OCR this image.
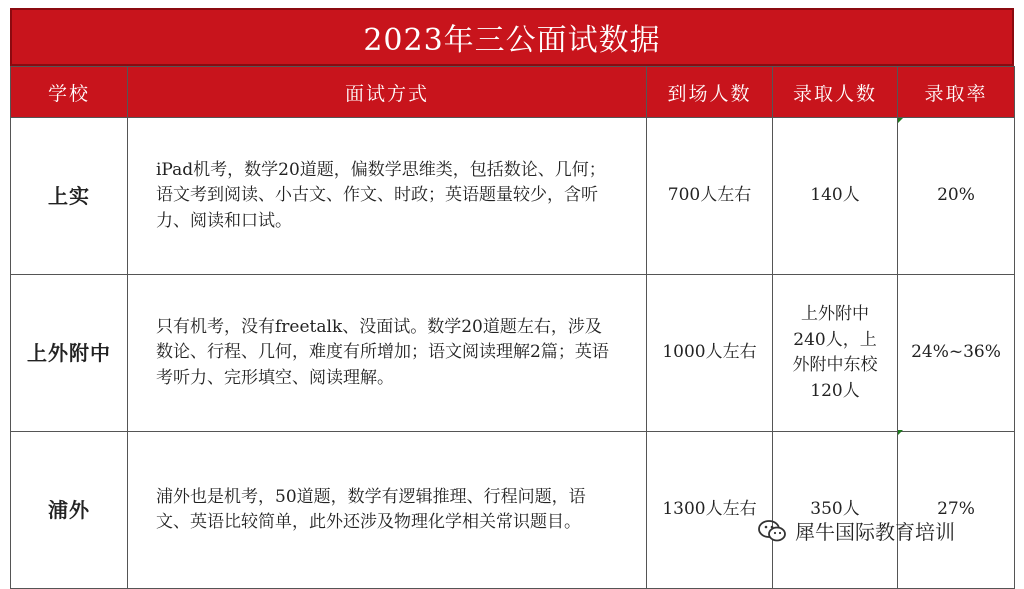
2023年三公面试数据
学校	面试方式	到场人数	录取人数	录取率
上实	iPad机考，数学20道题，偏数学思维类，包括数论、几何；语文考到阅读、小古文、作文、时政；英语题量较少，含听力、阅读和口试。	700人左右	140人	20%
上外附中	只有机考，没有freetalk、没面试。数学20道题左右，涉及数论、行程、几何，难度有所增加；语文阅读理解2篇；英语考听力、完形填空、阅读理解。	1000人左右	上外附中240人，上外附中东校120人	24%~36%
浦外	浦外也是机考，50道题，数学有逻辑推理、行程问题，语文、英语比较简单，此外还涉及物理化学相关常识题目。	1300人左右	350人	27%
犀牛国际教育培训
